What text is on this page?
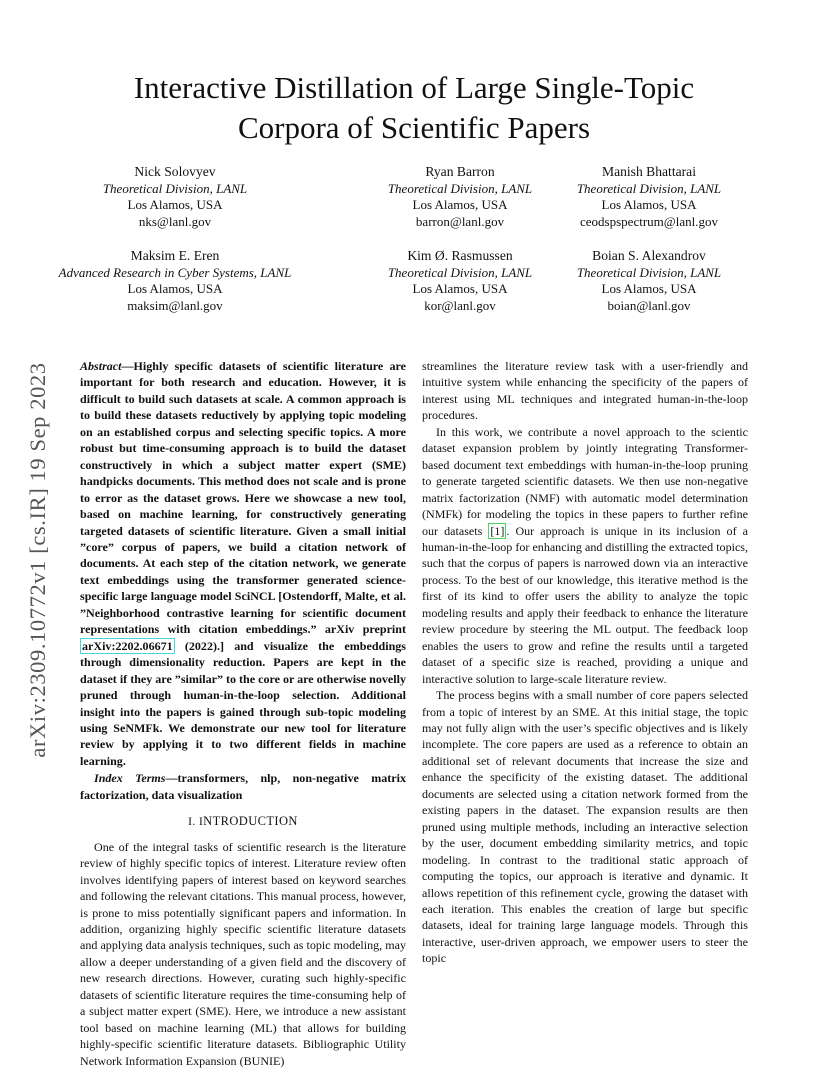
arXiv:2309.10772v1 [cs.IR] 19 Sep 2023
Interactive Distillation of Large Single-Topic
Corpora of Scientific Papers
Nick Solovyev
Theoretical Division, LANL
Los Alamos, USA
nks@lanl.gov
Ryan Barron
Theoretical Division, LANL
Los Alamos, USA
barron@lanl.gov
Manish Bhattarai
Theoretical Division, LANL
Los Alamos, USA
ceodspspectrum@lanl.gov
Maksim E. Eren
Advanced Research in Cyber Systems, LANL
Los Alamos, USA
maksim@lanl.gov
Kim Ø. Rasmussen
Theoretical Division, LANL
Los Alamos, USA
kor@lanl.gov
Boian S. Alexandrov
Theoretical Division, LANL
Los Alamos, USA
boian@lanl.gov

Abstract—Highly specific datasets of scientific literature are important for both research and education. However, it is difficult to build such datasets at scale. A common approach is to build these datasets reductively by applying topic modeling on an established corpus and selecting specific topics. A more robust but time-consuming approach is to build the dataset constructively in which a subject matter expert (SME) handpicks documents. This method does not scale and is prone to error as the dataset grows. Here we showcase a new tool, based on machine learning, for constructively generating targeted datasets of scientific literature. Given a small initial ”core” corpus of papers, we build a citation network of documents. At each step of the citation network, we generate text embeddings using the transformer generated science-specific large language model SciNCL [Ostendorff, Malte, et al. ”Neighborhood contrastive learning for scientific document representations with citation embeddings.” arXiv preprint arXiv:2202.06671 (2022).] and visualize the embeddings through dimensionality reduction. Papers are kept in the dataset if they are ”similar” to the core or are otherwise novelly pruned through human-in-the-loop selection. Additional insight into the papers is gained through sub-topic modeling using SeNMFk. We demonstrate our new tool for literature review by applying it to two different fields in machine learning.

Index Terms—transformers, nlp, non-negative matrix factorization, data visualization

I. INTRODUCTION

One of the integral tasks of scientific research is the literature review of highly specific topics of interest. Literature review often involves identifying papers of interest based on keyword searches and following the relevant citations. This manual process, however, is prone to miss potentially significant papers and information. In addition, organizing highly specific scientific literature datasets and applying data analysis techniques, such as topic modeling, may allow a deeper understanding of a given field and the discovery of new research directions. However, curating such highly-specific datasets of scientific literature requires the time-consuming help of a subject matter expert (SME). Here, we introduce a new assistant tool based on machine learning (ML) that allows for building highly-specific scientific literature datasets. Bibliographic Utility Network Information Expansion (BUNIE)

streamlines the literature review task with a user-friendly and intuitive system while enhancing the specificity of the papers of interest using ML techniques and integrated human-in-the-loop procedures.

In this work, we contribute a novel approach to the scientic dataset expansion problem by jointly integrating Transformer-based document text embeddings with human-in-the-loop pruning to generate targeted scientific datasets. We then use non-negative matrix factorization (NMF) with automatic model determination (NMFk) for modeling the topics in these papers to further refine our datasets [1] . Our approach is unique in its inclusion of a human-in-the-loop for enhancing and distilling the extracted topics, such that the corpus of papers is narrowed down via an interactive process. To the best of our knowledge, this iterative method is the first of its kind to offer users the ability to analyze the topic modeling results and apply their feedback to enhance the literature review procedure by steering the ML output. The feedback loop enables the users to grow and refine the results until a targeted dataset of a specific size is reached, providing a unique and interactive solution to large-scale literature review.

The process begins with a small number of core papers selected from a topic of interest by an SME. At this initial stage, the topic may not fully align with the user’s specific objectives and is likely incomplete. The core papers are used as a reference to obtain an additional set of relevant documents that increase the size and enhance the specificity of the existing dataset. The additional documents are selected using a citation network formed from the existing papers in the dataset. The expansion results are then pruned using multiple methods, including an interactive selection by the user, document embedding similarity metrics, and topic modeling. In contrast to the traditional static approach of computing the topics, our approach is iterative and dynamic. It allows repetition of this refinement cycle, growing the dataset with each iteration. This enables the creation of large but specific datasets, ideal for training large language models. Through this interactive, user-driven approach, we empower users to steer the topic
